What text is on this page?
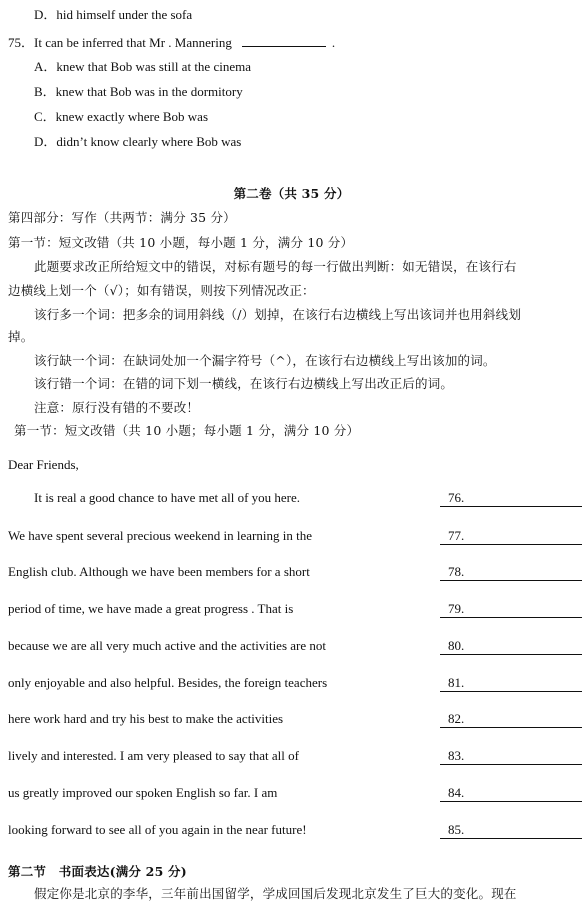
D．hid himself under the sofa
75．It can be inferred that Mr . Mannering	.
A．knew that Bob was still at the cinema
B．knew that Bob was in the dormitory
C．knew exactly where Bob was
D．didn’t know clearly where Bob was
第二卷（共 35 分）
第四部分：写作（共两节：满分 35 分）
第一节：短文改错（共 10 小题，每小题 1 分，满分 10 分）
此题要求改正所给短文中的错误，对标有题号的每一行做出判断：如无错误，在该行右
边横线上划一个（√）；如有错误，则按下列情况改正：
该行多一个词：把多余的词用斜线（/）划掉，在该行右边横线上写出该词并也用斜线划
掉。
该行缺一个词：在缺词处加一个漏字符号（^），在该行右边横线上写出该加的词。
该行错一个词：在错的词下划一横线，在该行右边横线上写出改正后的词。
注意：原行没有错的不要改！
第一节：短文改错（共 10 小题；每小题 1 分，满分 10 分）
Dear Friends,
It is real a good chance to have met all of you here.	76.
We have spent several precious weekend in learning in the	77.
English club. Although we have been members for a short	78.
period of time, we have made a great progress . That is	79.
because we are all very much active and the activities are not	80.
only enjoyable and also helpful. Besides, the foreign teachers	81.
here work hard and try his best to make the activities	82.
lively and interested. I am very pleased to say that all of	83.
us greatly improved our spoken English so far. I am	84.
looking forward to see all of you again in the near future!	85.
第二节　书面表达(满分 25 分)
假定你是北京的李华，三年前出国留学，学成回国后发现北京发生了巨大的变化。现在
